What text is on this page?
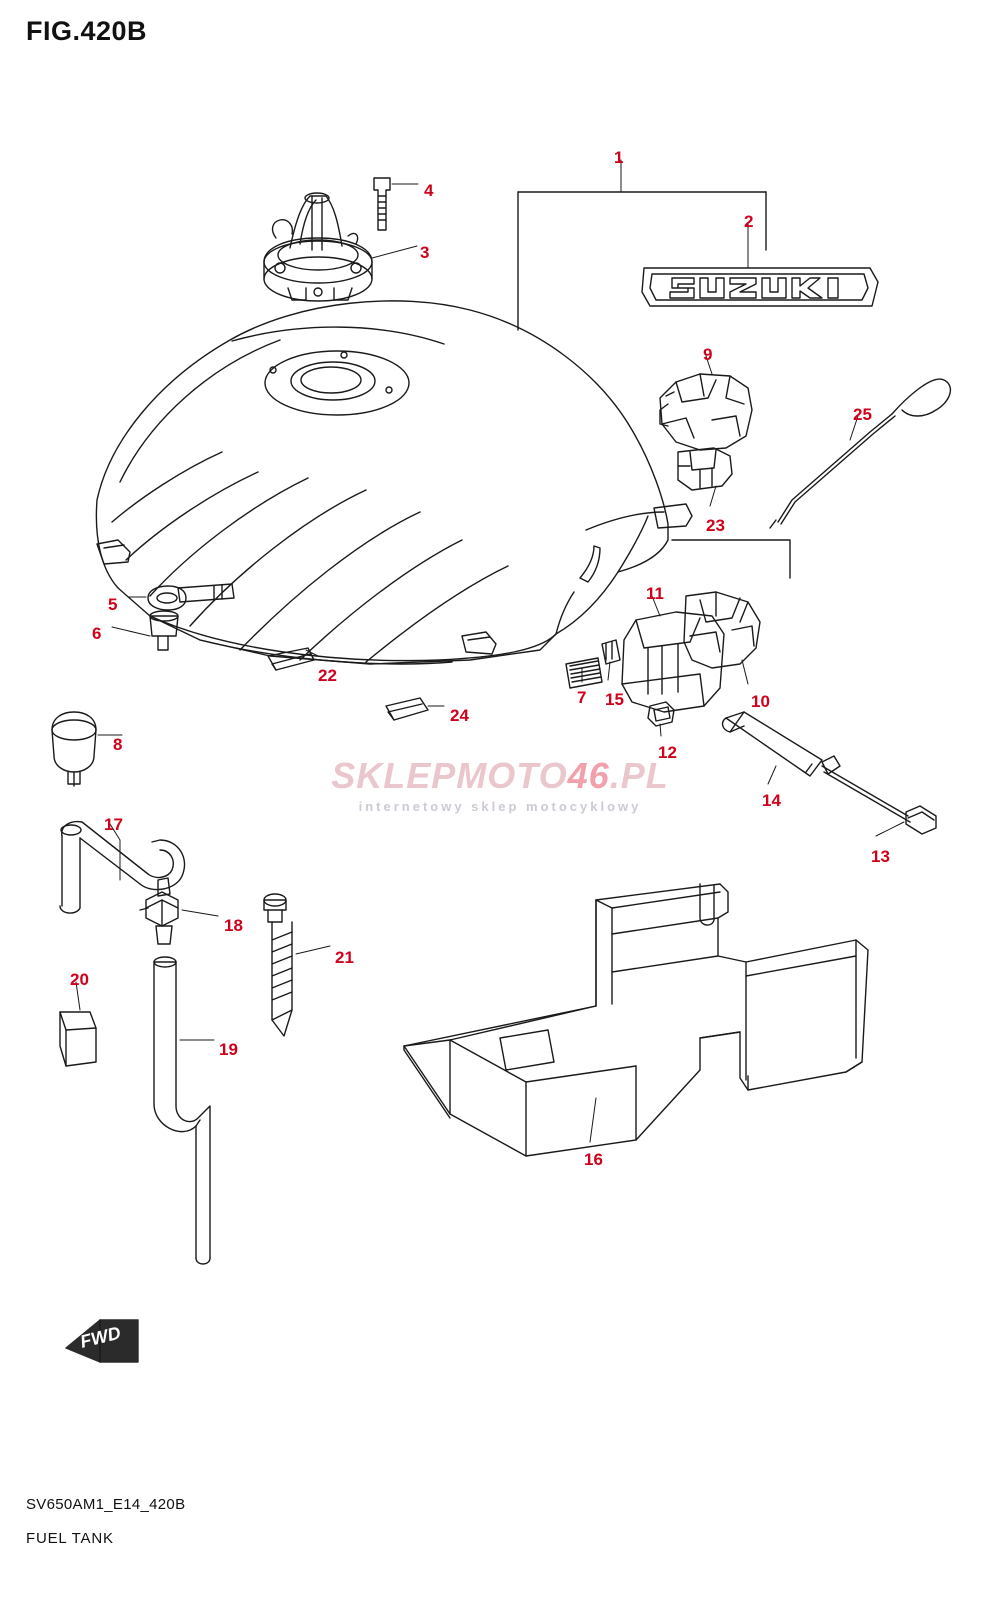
FIG.420B
FWD
SKLEPMOTO46.PL
internetowy sklep motocyklowy
1
2
3
4
5
6
7
8
9
10
11
12
13
14
15
16
17
18
19
20
21
22
23
24
25
SV650AM1_E14_420B
FUEL TANK
